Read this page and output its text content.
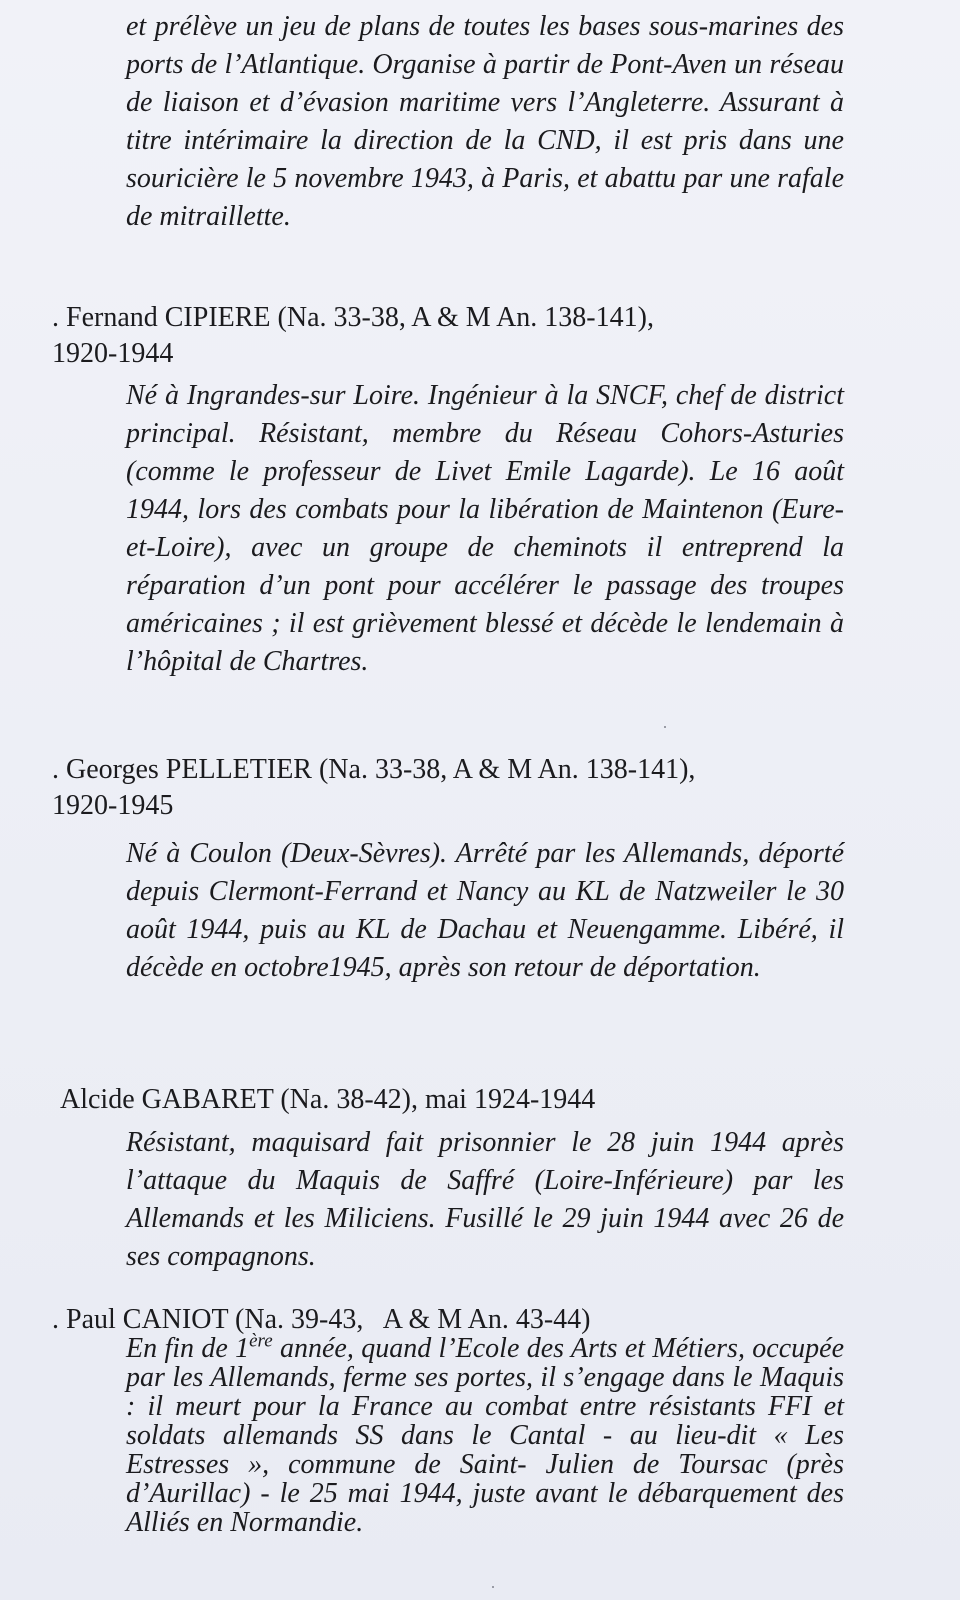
et prélève un jeu de plans de toutes les bases sous-marines des ports de l’Atlantique. Organise à partir de Pont-Aven un réseau de liaison et d’évasion maritime vers l’Angleterre. Assurant à titre intérimaire la direction de la CND, il est pris dans une souricière le 5 novembre 1943, à Paris, et abattu par une rafale de mitraillette.

. Fernand CIPIERE (Na. 33-38, A & M An. 138-141),
1920-1944

Né à Ingrandes-sur Loire. Ingénieur à la SNCF, chef de district principal. Résistant, membre du Réseau Cohors-Asturies (comme le professeur de Livet Emile Lagarde). Le 16 août 1944, lors des combats pour la libération de Maintenon (Eure-et-Loire), avec un groupe de cheminots il entreprend la réparation d’un pont pour accélérer le passage des troupes américaines ; il est grièvement blessé et décède le lendemain à l’hôpital de Chartres.

. Georges PELLETIER (Na. 33-38, A & M An. 138-141),
1920-1945

Né à Coulon (Deux-Sèvres). Arrêté par les Allemands, déporté depuis Clermont-Ferrand et Nancy au KL de Natzweiler le 30 août 1944, puis au KL de Dachau et Neuengamme. Libéré, il décède en octobre1945, après son retour de déportation.

Alcide GABARET (Na. 38-42), mai 1924-1944

Résistant, maquisard fait prisonnier le 28 juin 1944 après l’attaque du Maquis de Saffré (Loire-Inférieure) par les Allemands et les Miliciens. Fusillé le 29 juin 1944 avec 26 de ses compagnons.

. Paul CANIOT (Na. 39-43,   A & M An. 43-44)

En fin de 1ère année, quand l’Ecole des Arts et Métiers, occupée par les Allemands, ferme ses portes, il s’engage dans le Maquis : il meurt pour la France au combat entre résistants FFI et soldats allemands SS dans le Cantal - au lieu-dit « Les Estresses », commune de Saint- Julien de Toursac (près d’Aurillac) - le 25 mai 1944, juste avant le débarquement des Alliés en Normandie.
